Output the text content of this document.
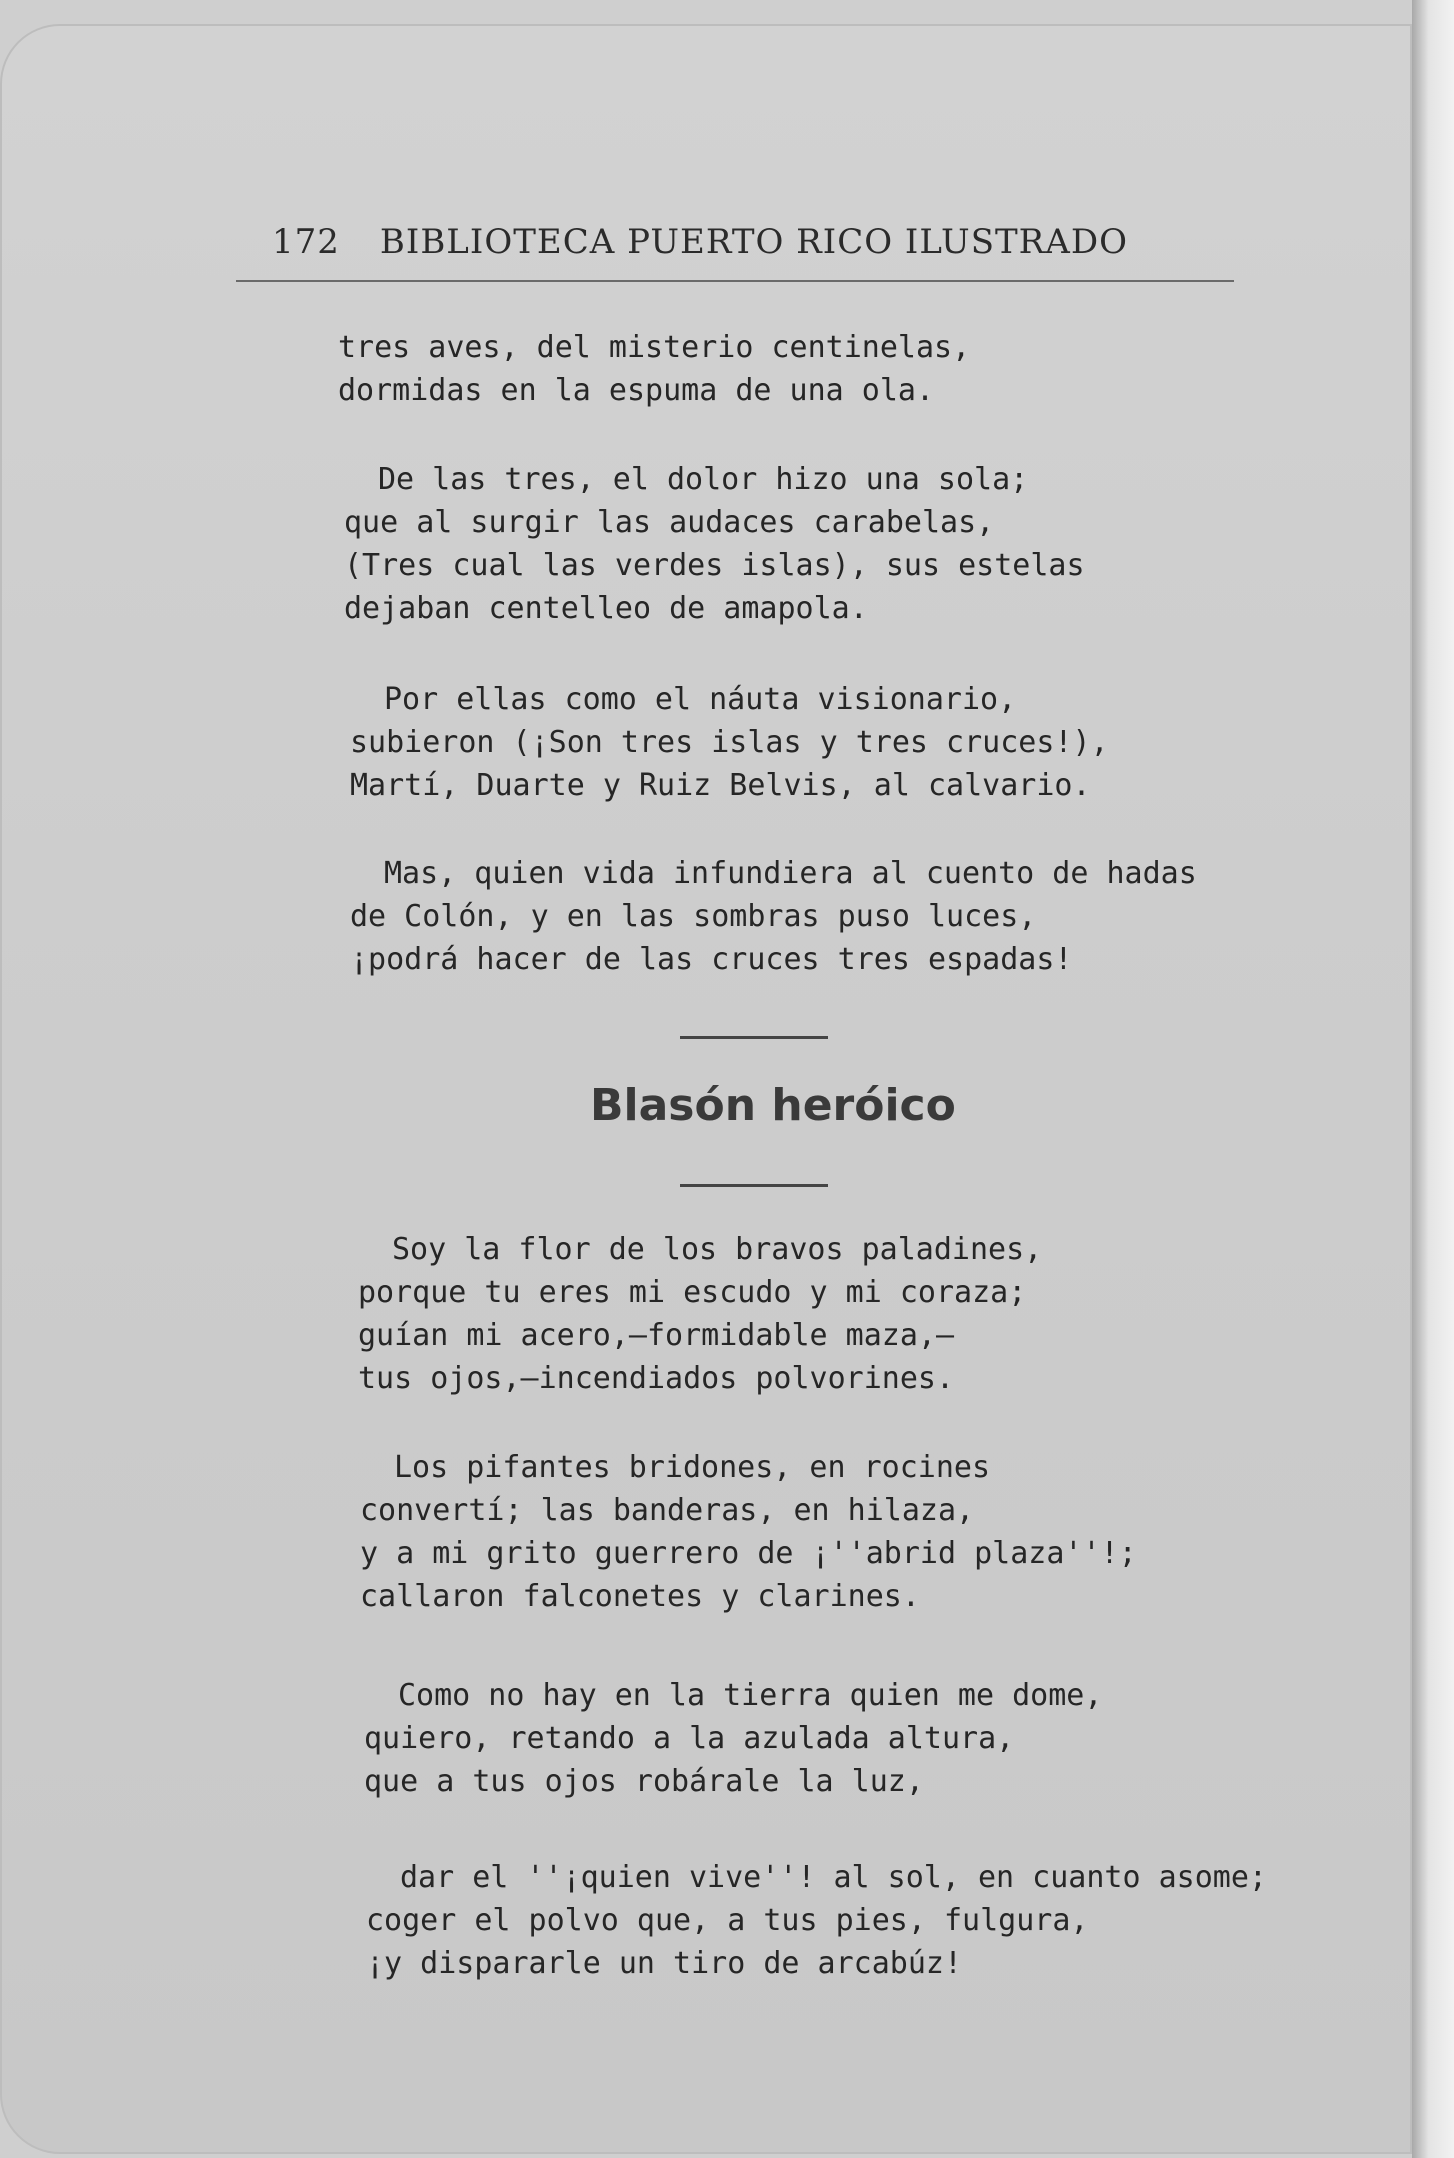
172 BIBLIOTECA PUERTO RICO ILUSTRADO
tres aves, del misterio centinelas,
dormidas en la espuma de una ola.
De las tres, el dolor hizo una sola;
que al surgir las audaces carabelas,
(Tres cual las verdes islas), sus estelas
dejaban centelleo de amapola.
Por ellas como el náuta visionario,
subieron (¡Son tres islas y tres cruces!),
Martí, Duarte y Ruiz Belvis, al calvario.
Mas, quien vida infundiera al cuento de hadas
de Colón, y en las sombras puso luces,
¡podrá hacer de las cruces tres espadas!
Blasón heróico
Soy la flor de los bravos paladines,
porque tu eres mi escudo y mi coraza;
guían mi acero,—formidable maza,—
tus ojos,—incendiados polvorines.
Los pifantes bridones, en rocines
convertí; las banderas, en hilaza,
y a mi grito guerrero de ¡''abrid plaza''!;
callaron falconetes y clarines.
Como no hay en la tierra quien me dome,
quiero, retando a la azulada altura,
que a tus ojos robárale la luz,
dar el ''¡quien vive''! al sol, en cuanto asome;
coger el polvo que, a tus pies, fulgura,
¡y dispararle un tiro de arcabúz!
